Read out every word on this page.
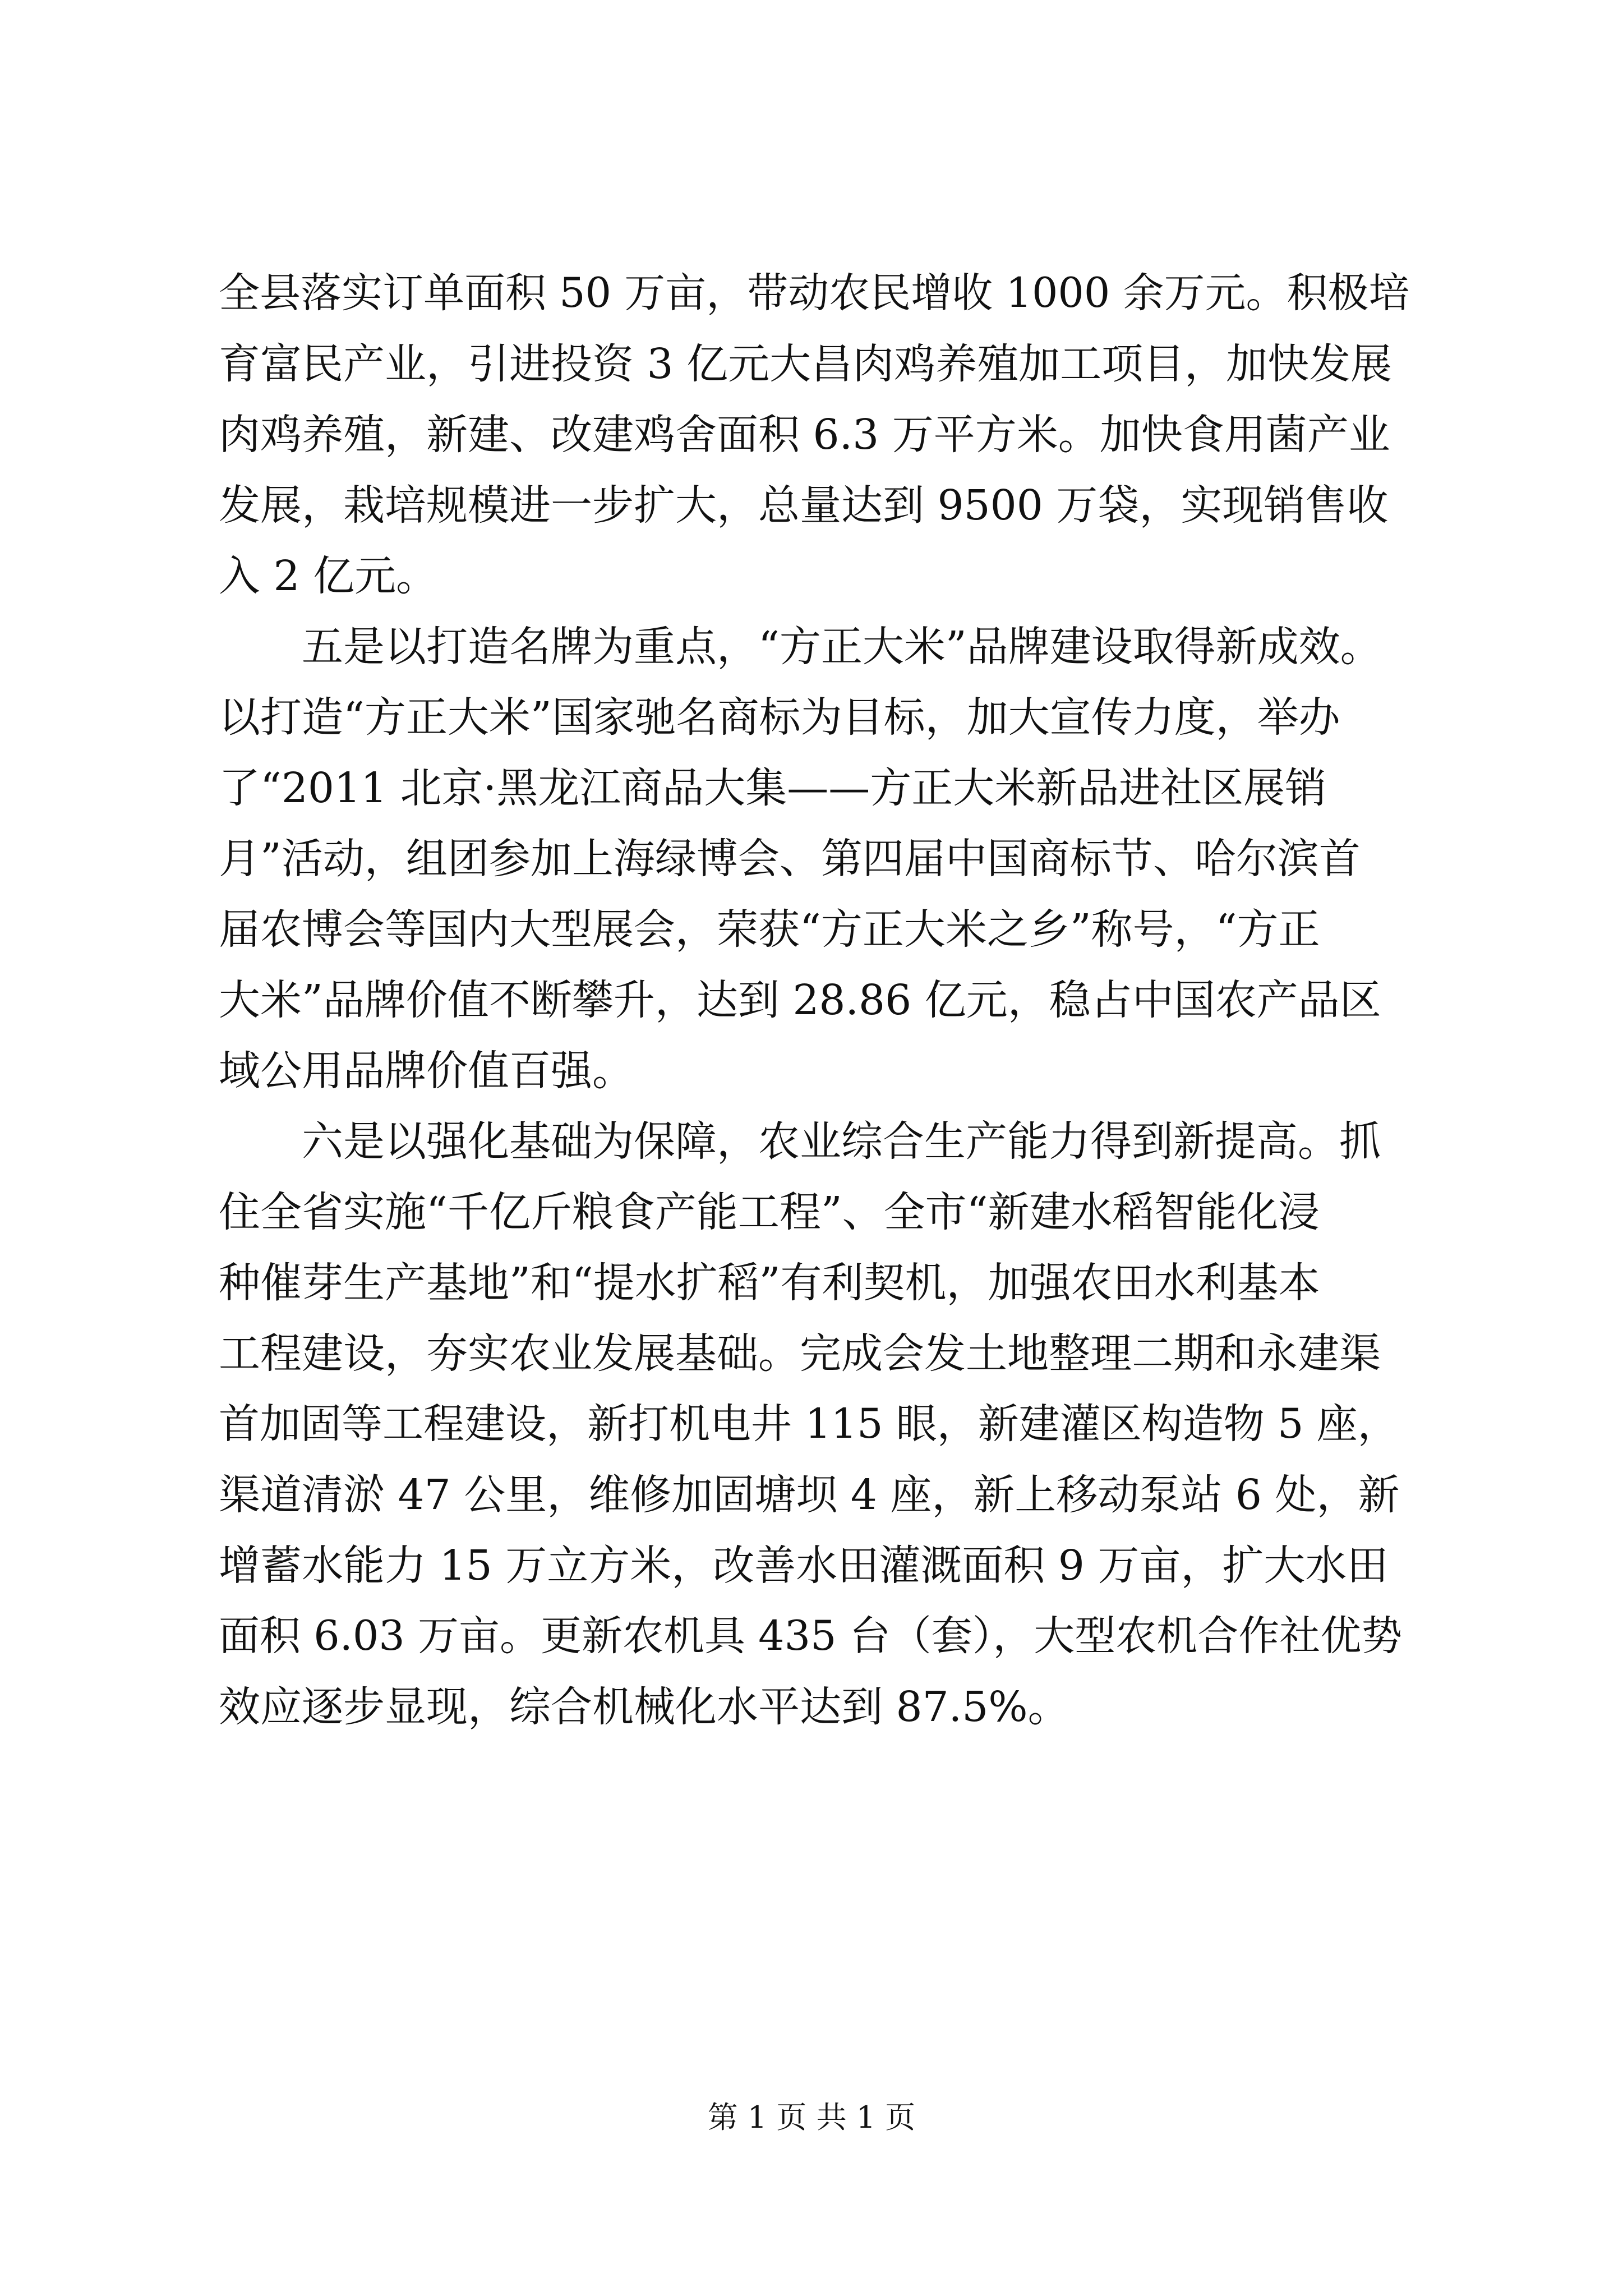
全县落实订单面积 50 万亩，带动农民增收 1000 余万元。积极培
育富民产业，引进投资 3 亿元大昌肉鸡养殖加工项目，加快发展
肉鸡养殖，新建、改建鸡舍面积 6.3 万平方米。加快食用菌产业
发展，栽培规模进一步扩大，总量达到 9500 万袋，实现销售收
入 2 亿元。
五是以打造名牌为重点，“方正大米”品牌建设取得新成效。
以打造“方正大米”国家驰名商标为目标，加大宣传力度，举办
了“2011 北京·黑龙江商品大集——方正大米新品进社区展销
月”活动，组团参加上海绿博会、第四届中国商标节、哈尔滨首
届农博会等国内大型展会，荣获“方正大米之乡”称号，“方正
大米”品牌价值不断攀升，达到 28.86 亿元，稳占中国农产品区
域公用品牌价值百强。
六是以强化基础为保障，农业综合生产能力得到新提高。抓
住全省实施“千亿斤粮食产能工程”、全市“新建水稻智能化浸
种催芽生产基地”和“提水扩稻”有利契机，加强农田水利基本
工程建设，夯实农业发展基础。完成会发土地整理二期和永建渠
首加固等工程建设，新打机电井 115 眼，新建灌区构造物 5 座，
渠道清淤 47 公里，维修加固塘坝 4 座，新上移动泵站 6 处，新
增蓄水能力 15 万立方米，改善水田灌溉面积 9 万亩，扩大水田
面积 6.03 万亩。更新农机具 435 台（套），大型农机合作社优势
效应逐步显现，综合机械化水平达到 87.5%。
第 1 页 共 1 页
